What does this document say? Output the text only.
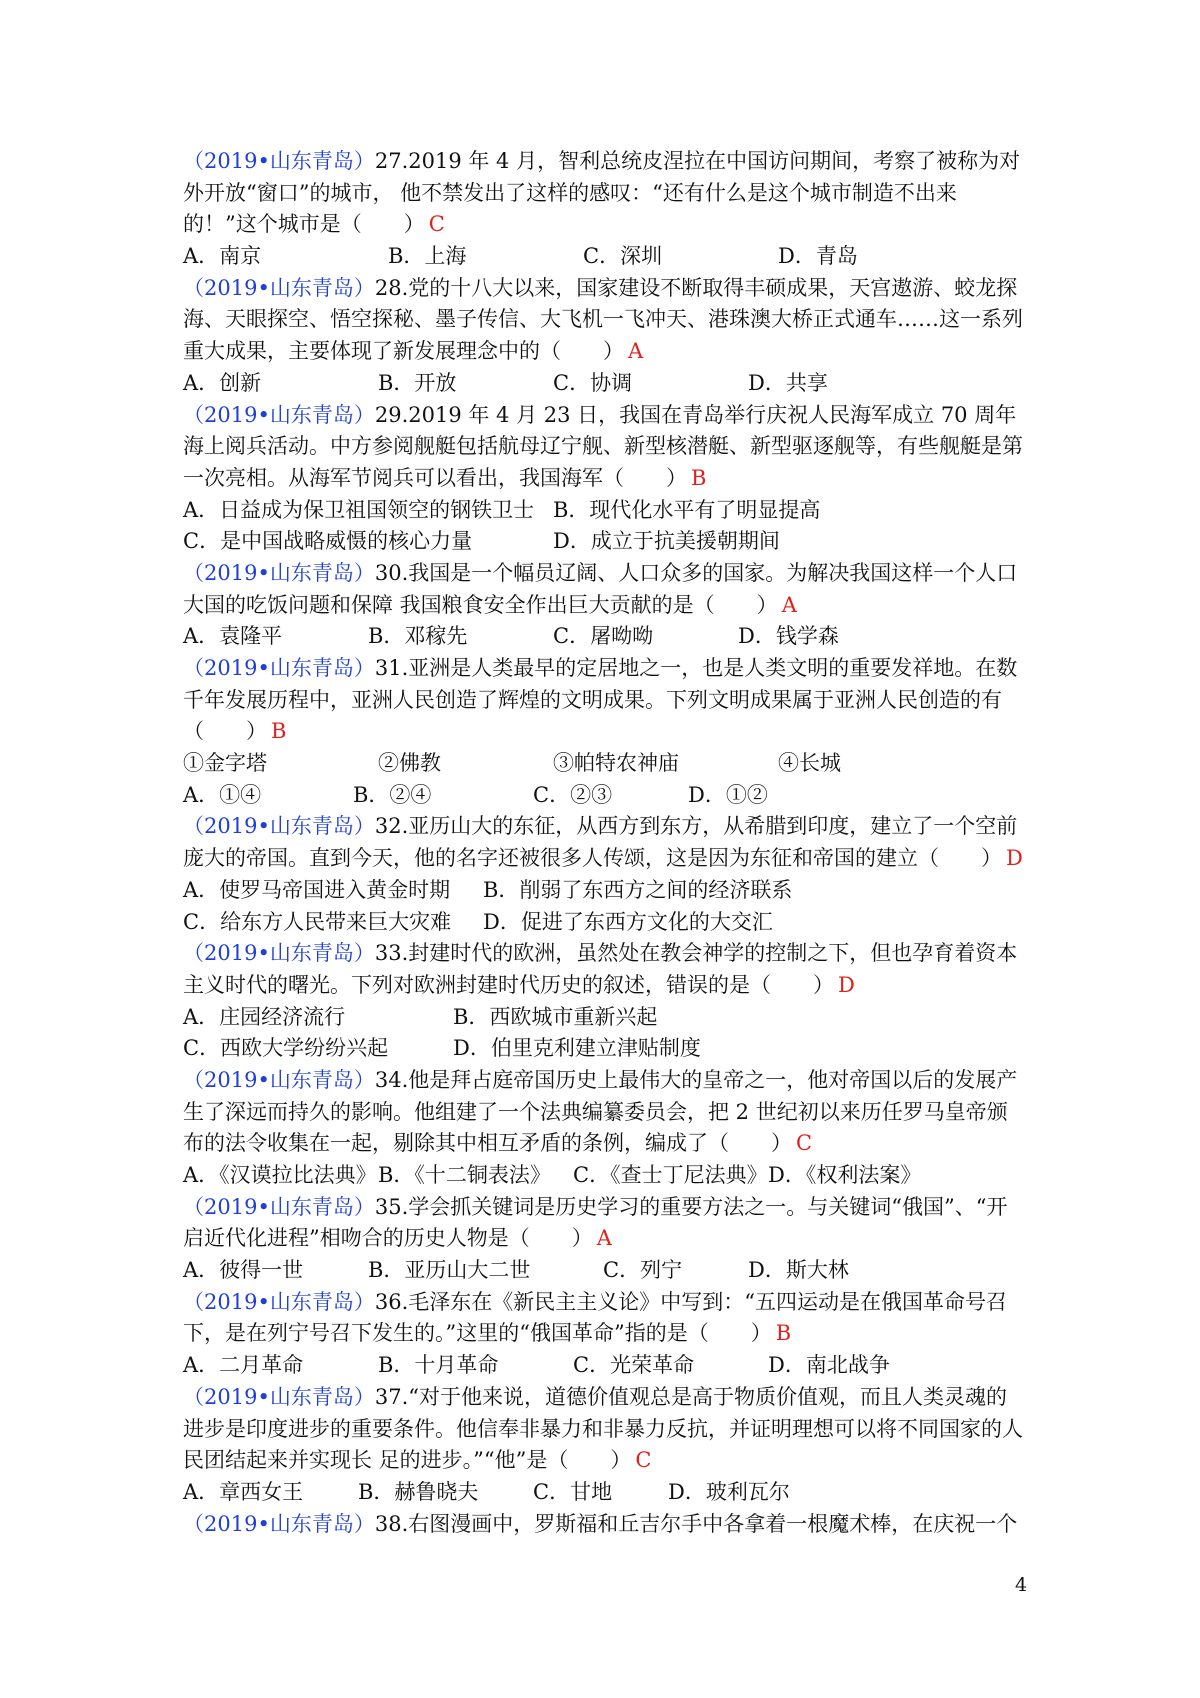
（2019•山东青岛）27.2019 年 4 月，智利总统皮涅拉在中国访问期间，考察了被称为对
外开放“窗口”的城市， 他不禁发出了这样的感叹：“还有什么是这个城市制造不出来
的！”这个城市是（　　） C
A．南京	B．上海	C．深圳	D．青岛
（2019•山东青岛）28.党的十八大以来，国家建设不断取得丰硕成果，天宫遨游、蛟龙探
海、天眼探空、悟空探秘、墨子传信、大飞机一飞冲天、港珠澳大桥正式通车……这一系列
重大成果，主要体现了新发展理念中的（　　） A
A．创新	B．开放	C．协调	D．共享
（2019•山东青岛）29.2019 年 4 月 23 日，我国在青岛举行庆祝人民海军成立 70 周年
海上阅兵活动。中方参阅舰艇包括航母辽宁舰、新型核潜艇、新型驱逐舰等，有些舰艇是第
一次亮相。从海军节阅兵可以看出，我国海军（　　） B
A．日益成为保卫祖国领空的钢铁卫士 B．现代化水平有了明显提高
C．是中国战略威慑的核心力量	D．成立于抗美援朝期间
（2019•山东青岛）30.我国是一个幅员辽阔、人口众多的国家。为解决我国这样一个人口
大国的吃饭问题和保障 我国粮食安全作出巨大贡献的是（　　） A
A．袁隆平	B．邓稼先	C．屠呦呦	D．钱学森
（2019•山东青岛）31.亚洲是人类最早的定居地之一，也是人类文明的重要发祥地。在数
千年发展历程中，亚洲人民创造了辉煌的文明成果。下列文明成果属于亚洲人民创造的有
（　　） B
①金字塔	②佛教	③帕特农神庙	④长城
A．①④	B．②④	C．②③	D．①②
（2019•山东青岛）32.亚历山大的东征，从西方到东方，从希腊到印度，建立了一个空前
庞大的帝国。直到今天，他的名字还被很多人传颂，这是因为东征和帝国的建立（　　） D
A．使罗马帝国进入黄金时期 B．削弱了东西方之间的经济联系
C．给东方人民带来巨大灾难 D．促进了东西方文化的大交汇
（2019•山东青岛）33.封建时代的欧洲，虽然处在教会神学的控制之下，但也孕育着资本
主义时代的曙光。下列对欧洲封建时代历史的叙述，错误的是（　　） D
A．庄园经济流行	B．西欧城市重新兴起
C．西欧大学纷纷兴起	D．伯里克利建立津贴制度
（2019•山东青岛）34.他是拜占庭帝国历史上最伟大的皇帝之一，他对帝国以后的发展产
生了深远而持久的影响。他组建了一个法典编纂委员会，把 2 世纪初以来历任罗马皇帝颁
布的法令收集在一起，剔除其中相互矛盾的条例，编成了（　　） C
A．《汉谟拉比法典》 B．《十二铜表法》 C．《查士丁尼法典》 D．《权利法案》
（2019•山东青岛）35.学会抓关键词是历史学习的重要方法之一。与关键词“俄国”、“开
启近代化进程”相吻合的历史人物是（　　） A
A．彼得一世	B．亚历山大二世	C．列宁	D．斯大林
（2019•山东青岛）36.毛泽东在《新民主主义论》中写到：“五四运动是在俄国革命号召
下，是在列宁号召下发生的。”这里的“俄国革命”指的是（　　） B
A．二月革命	B．十月革命	C．光荣革命	D．南北战争
（2019•山东青岛）37.“对于他来说，道德价值观总是高于物质价值观，而且人类灵魂的
进步是印度进步的重要条件。他信奉非暴力和非暴力反抗，并证明理想可以将不同国家的人
民团结起来并实现长 足的进步。”“他”是（　　） C
A．章西女王	B．赫鲁晓夫	C．甘地	D．玻利瓦尔
（2019•山东青岛）38.右图漫画中，罗斯福和丘吉尔手中各拿着一根魔术棒，在庆祝一个
4
